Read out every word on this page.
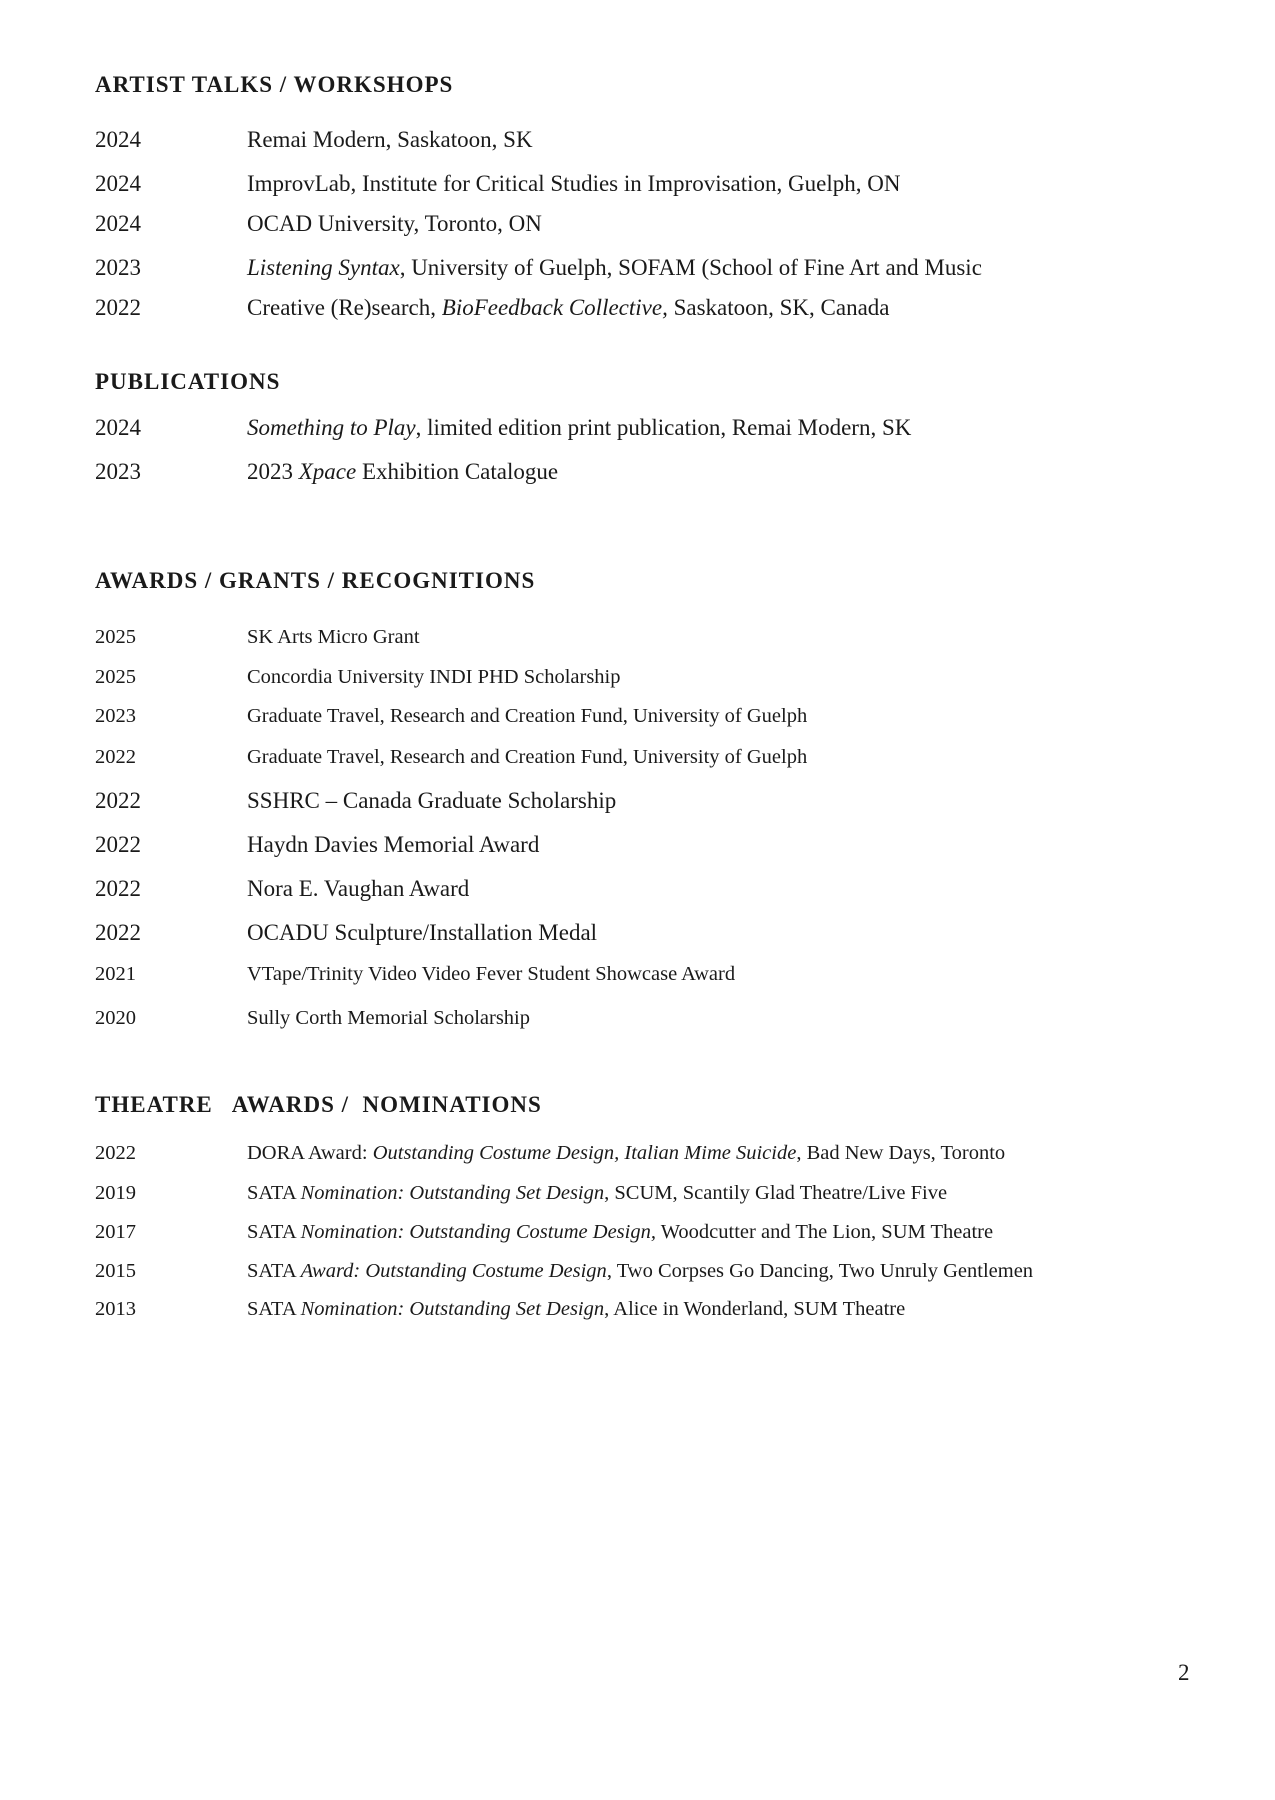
ARTIST TALKS / WORKSHOPS
2024	Remai Modern, Saskatoon, SK
2024	ImprovLab, Institute for Critical Studies in Improvisation, Guelph, ON
2024	OCAD University, Toronto, ON
2023	Listening Syntax, University of Guelph, SOFAM (School of Fine Art and Music
2022	Creative (Re)search, BioFeedback Collective, Saskatoon, SK, Canada
PUBLICATIONS
2024	Something to Play, limited edition print publication, Remai Modern, SK
2023	2023 Xpace Exhibition Catalogue
AWARDS / GRANTS / RECOGNITIONS
2025	SK Arts Micro Grant
2025	Concordia University INDI PHD Scholarship
2023	Graduate Travel, Research and Creation Fund, University of Guelph
2022	Graduate Travel, Research and Creation Fund, University of Guelph
2022	SSHRC – Canada Graduate Scholarship
2022	Haydn Davies Memorial Award
2022	Nora E. Vaughan Award
2022	OCADU Sculpture/Installation Medal
2021	VTape/Trinity Video Video Fever Student Showcase Award
2020	Sully Corth Memorial Scholarship
THEATRE   AWARDS /  NOMINATIONS
2022	DORA Award: Outstanding Costume Design, Italian Mime Suicide, Bad New Days, Toronto
2019	SATA Nomination: Outstanding Set Design, SCUM, Scantily Glad Theatre/Live Five
2017	SATA Nomination: Outstanding Costume Design, Woodcutter and The Lion, SUM Theatre
2015	SATA Award: Outstanding Costume Design, Two Corpses Go Dancing, Two Unruly Gentlemen
2013	SATA Nomination: Outstanding Set Design, Alice in Wonderland, SUM Theatre
2
